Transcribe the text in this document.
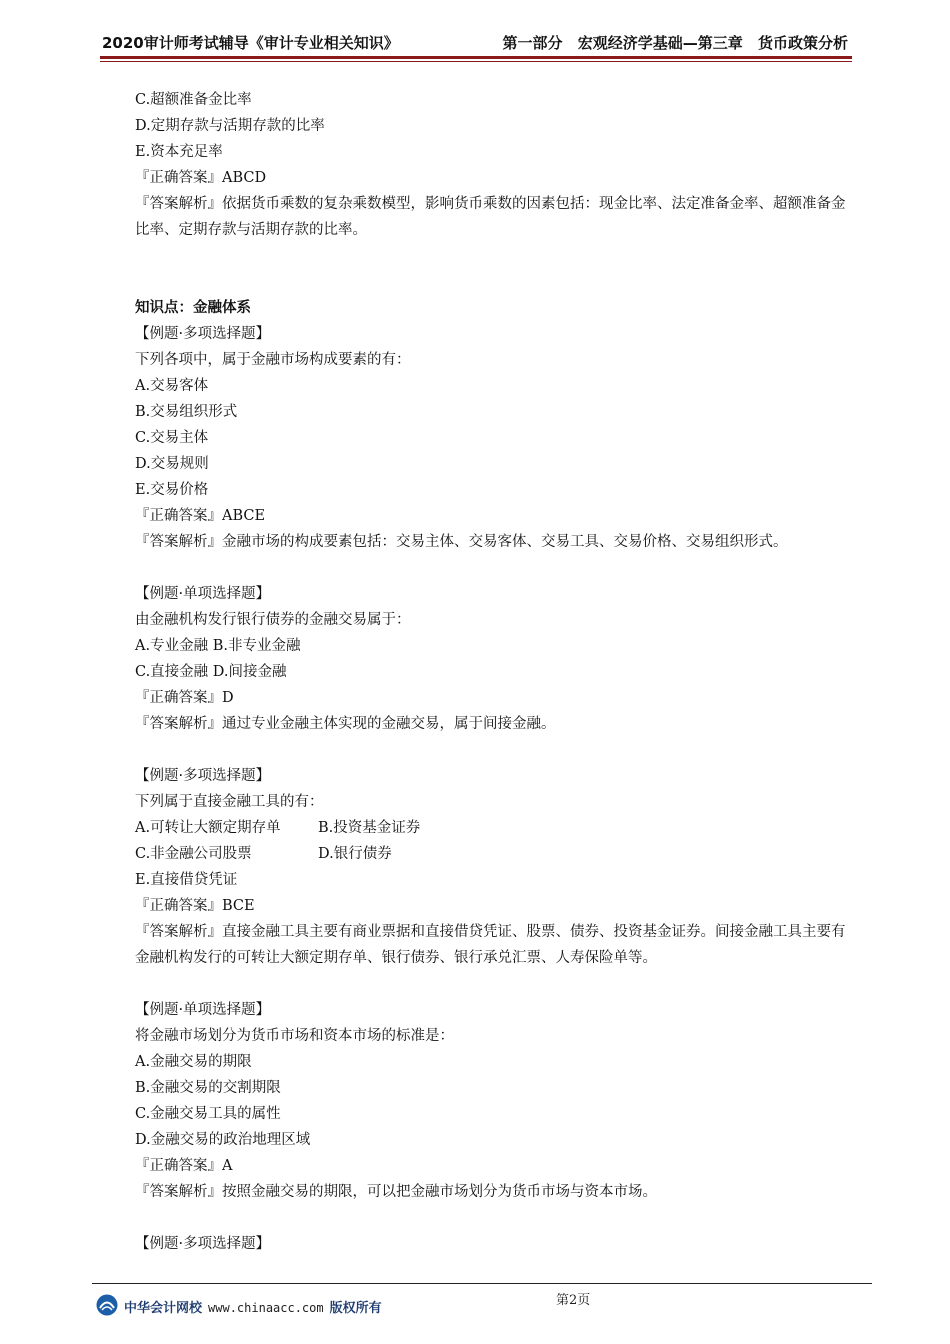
2020审计师考试辅导《审计专业相关知识》	第一部分 宏观经济学基础—第三章 货币政策分析
C.超额准备金比率
D.定期存款与活期存款的比率
E.资本充足率
『正确答案』ABCD
『答案解析』依据货币乘数的复杂乘数模型，影响货币乘数的因素包括：现金比率、法定准备金率、超额准备金比率、定期存款与活期存款的比率。
知识点：金融体系
【例题·多项选择题】
下列各项中，属于金融市场构成要素的有：
A.交易客体
B.交易组织形式
C.交易主体
D.交易规则
E.交易价格
『正确答案』ABCE
『答案解析』金融市场的构成要素包括：交易主体、交易客体、交易工具、交易价格、交易组织形式。
【例题·单项选择题】
由金融机构发行银行债券的金融交易属于：
A.专业金融 B.非专业金融
C.直接金融 D.间接金融
『正确答案』D
『答案解析』通过专业金融主体实现的金融交易，属于间接金融。
【例题·多项选择题】
下列属于直接金融工具的有：
A.可转让大额定期存单	B.投资基金证券
C.非金融公司股票	D.银行债券
E.直接借贷凭证
『正确答案』BCE
『答案解析』直接金融工具主要有商业票据和直接借贷凭证、股票、债券、投资基金证券。间接金融工具主要有金融机构发行的可转让大额定期存单、银行债券、银行承兑汇票、人寿保险单等。
【例题·单项选择题】
将金融市场划分为货币市场和资本市场的标准是：
A.金融交易的期限
B.金融交易的交割期限
C.金融交易工具的属性
D.金融交易的政治地理区域
『正确答案』A
『答案解析』按照金融交易的期限，可以把金融市场划分为货币市场与资本市场。
【例题·多项选择题】
中华会计网校 www.chinaacc.com 版权所有
第2页
